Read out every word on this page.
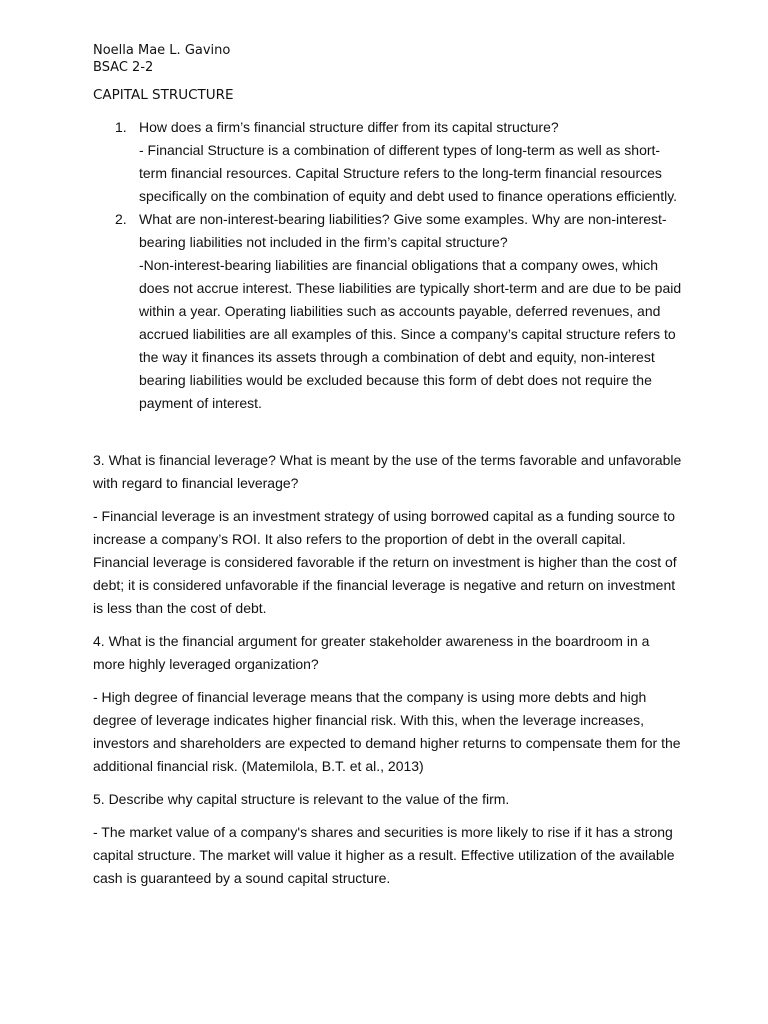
Noella Mae L. Gavino
BSAC 2-2
CAPITAL STRUCTURE
1. How does a firm’s financial structure differ from its capital structure?

- Financial Structure is a combination of different types of long-term as well as short-term financial resources. Capital Structure refers to the long-term financial resources specifically on the combination of equity and debt used to finance operations efficiently.

2. What are non-interest-bearing liabilities? Give some examples. Why are non-interest-bearing liabilities not included in the firm’s capital structure?

-Non-interest-bearing liabilities are financial obligations that a company owes, which does not accrue interest. These liabilities are typically short-term and are due to be paid within a year. Operating liabilities such as accounts payable, deferred revenues, and accrued liabilities are all examples of this. Since a company’s capital structure refers to the way it finances its assets through a combination of debt and equity, non-interest bearing liabilities would be excluded because this form of debt does not require the payment of interest.

3. What is financial leverage? What is meant by the use of the terms favorable and unfavorable with regard to financial leverage?

- Financial leverage is an investment strategy of using borrowed capital as a funding source to increase a company’s ROI. It also refers to the proportion of debt in the overall capital. Financial leverage is considered favorable if the return on investment is higher than the cost of debt; it is considered unfavorable if the financial leverage is negative and return on investment is less than the cost of debt.

4. What is the financial argument for greater stakeholder awareness in the boardroom in a more highly leveraged organization?

- High degree of financial leverage means that the company is using more debts and high degree of leverage indicates higher financial risk. With this, when the leverage increases, investors and shareholders are expected to demand higher returns to compensate them for the additional financial risk. (Matemilola, B.T. et al., 2013)

5. Describe why capital structure is relevant to the value of the firm.

- The market value of a company's shares and securities is more likely to rise if it has a strong capital structure. The market will value it higher as a result. Effective utilization of the available cash is guaranteed by a sound capital structure.
